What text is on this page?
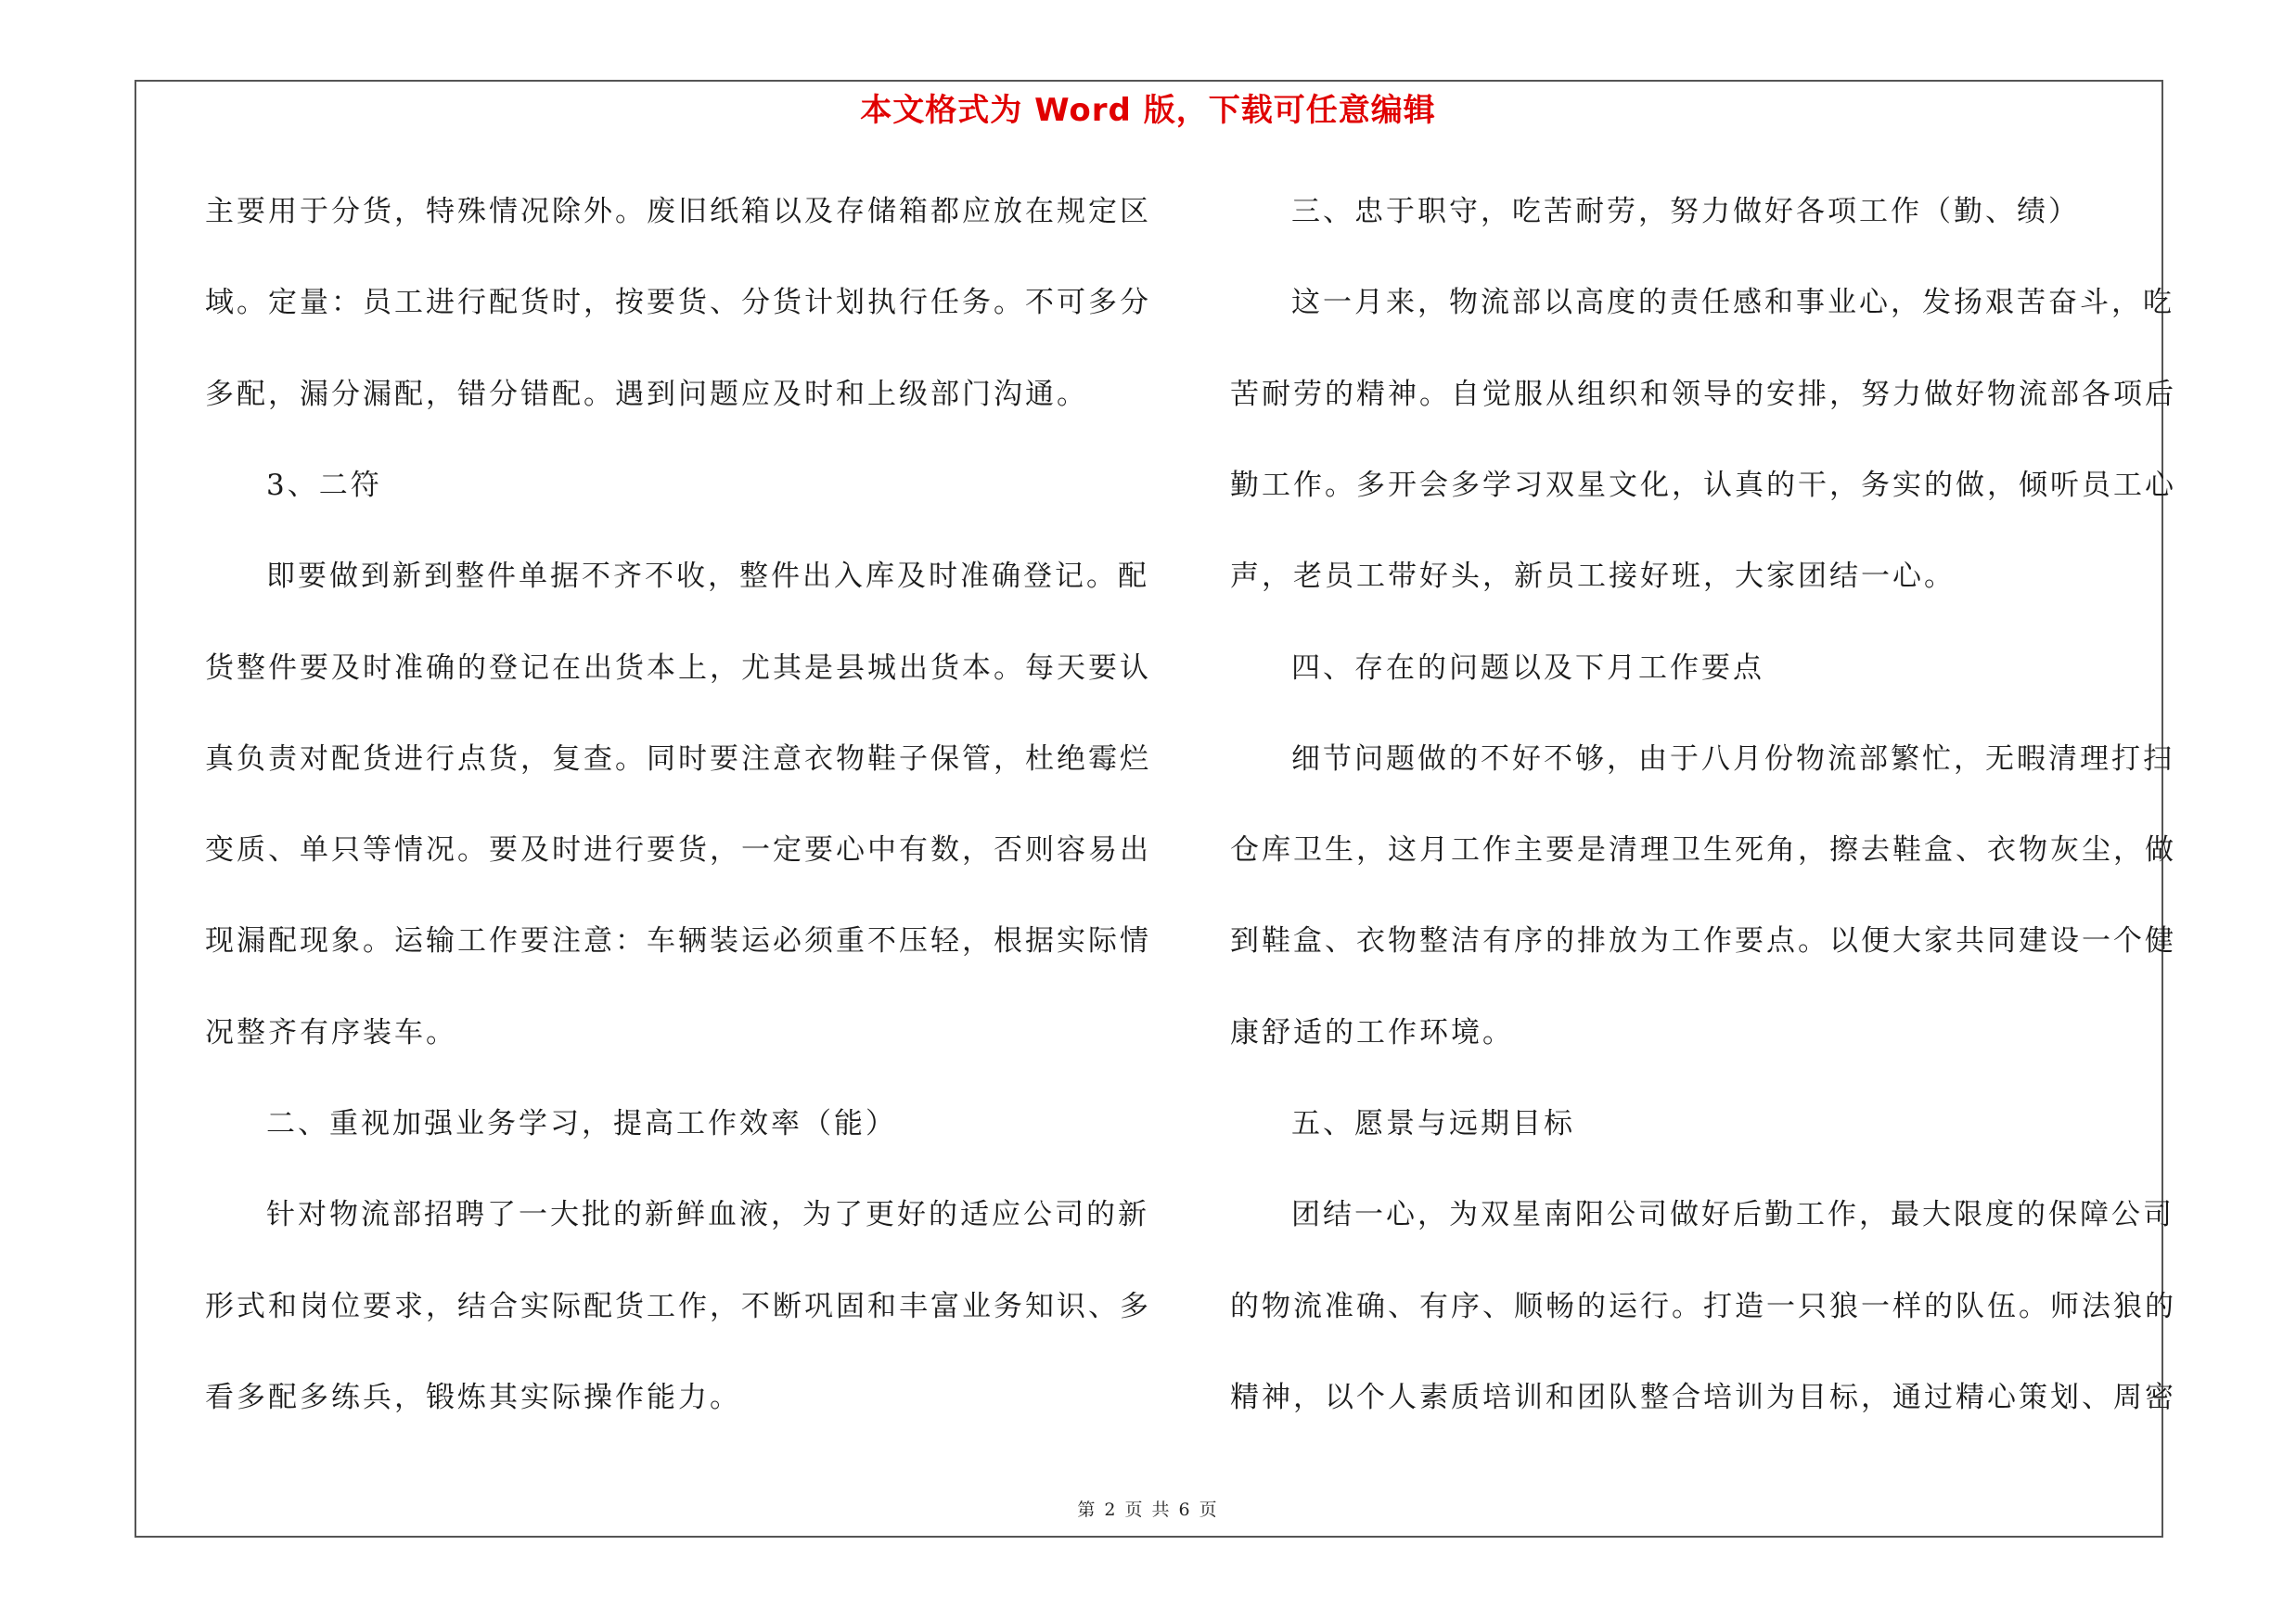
本文格式为 Word 版，下载可任意编辑
主要用于分货，特殊情况除外。废旧纸箱以及存储箱都应放在规定区
域。定量：员工进行配货时，按要货、分货计划执行任务。不可多分
多配，漏分漏配，错分错配。遇到问题应及时和上级部门沟通。
3、二符
即要做到新到整件单据不齐不收，整件出入库及时准确登记。配
货整件要及时准确的登记在出货本上，尤其是县城出货本。每天要认
真负责对配货进行点货，复查。同时要注意衣物鞋子保管，杜绝霉烂
变质、单只等情况。要及时进行要货，一定要心中有数，否则容易出
现漏配现象。运输工作要注意：车辆装运必须重不压轻，根据实际情
况整齐有序装车。
二、重视加强业务学习，提高工作效率（能）
针对物流部招聘了一大批的新鲜血液，为了更好的适应公司的新
形式和岗位要求，结合实际配货工作，不断巩固和丰富业务知识、多
看多配多练兵，锻炼其实际操作能力。
三、忠于职守，吃苦耐劳，努力做好各项工作（勤、绩）
这一月来，物流部以高度的责任感和事业心，发扬艰苦奋斗，吃
苦耐劳的精神。自觉服从组织和领导的安排，努力做好物流部各项后
勤工作。多开会多学习双星文化，认真的干，务实的做，倾听员工心
声，老员工带好头，新员工接好班，大家团结一心。
四、存在的问题以及下月工作要点
细节问题做的不好不够，由于八月份物流部繁忙，无暇清理打扫
仓库卫生，这月工作主要是清理卫生死角，擦去鞋盒、衣物灰尘，做
到鞋盒、衣物整洁有序的排放为工作要点。以便大家共同建设一个健
康舒适的工作环境。
五、愿景与远期目标
团结一心，为双星南阳公司做好后勤工作，最大限度的保障公司
的物流准确、有序、顺畅的运行。打造一只狼一样的队伍。师法狼的
精神，以个人素质培训和团队整合培训为目标，通过精心策划、周密
第 2 页 共 6 页
